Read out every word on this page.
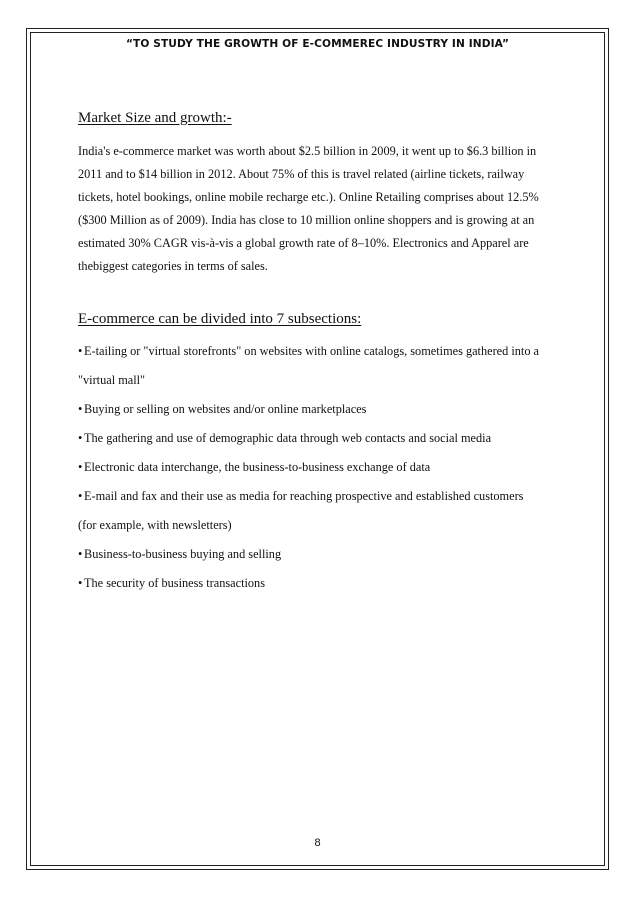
“TO STUDY THE GROWTH OF E-COMMEREC INDUSTRY IN INDIA”
Market Size and growth:-
India's e-commerce market was worth about $2.5 billion in 2009, it went up to $6.3 billion in
2011 and to $14 billion in 2012. About 75% of this is travel related (airline tickets, railway
tickets, hotel bookings, online mobile recharge etc.). Online Retailing comprises about 12.5%
($300 Million as of 2009). India has close to 10 million online shoppers and is growing at an
estimated 30% CAGR vis-à-vis a global growth rate of 8–10%. Electronics and Apparel are
thebiggest categories in terms of sales.
E-commerce can be divided into 7 subsections:
• E-tailing or "virtual storefronts" on websites with online catalogs, sometimes gathered into a
"virtual mall"
• Buying or selling on websites and/or online marketplaces
• The gathering and use of demographic data through web contacts and social media
• Electronic data interchange, the business-to-business exchange of data
• E-mail and fax and their use as media for reaching prospective and established customers
(for example, with newsletters)
• Business-to-business buying and selling
• The security of business transactions
8
